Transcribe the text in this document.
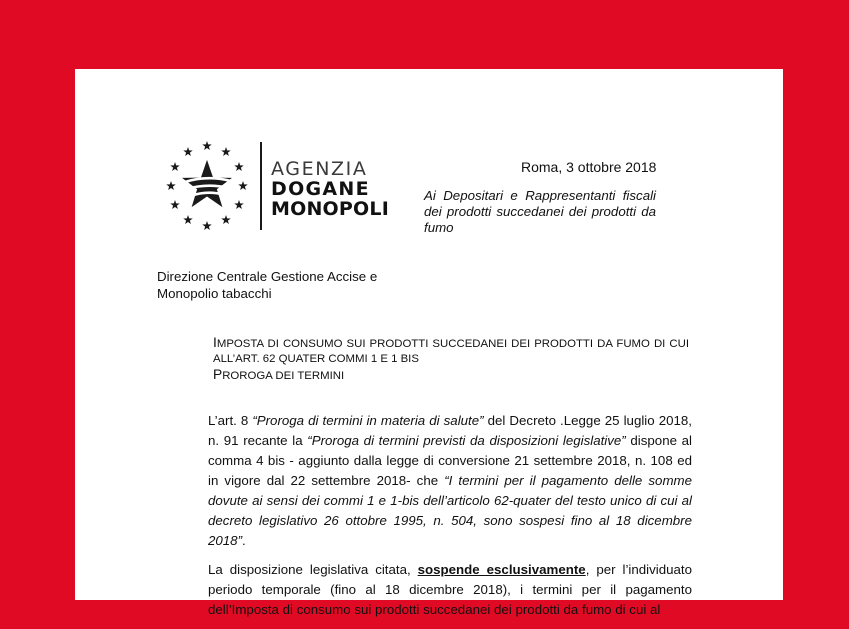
AGENZIA
DOGANE
MONOPOLI
Roma, 3 ottobre 2018
Ai Depositari e Rappresentanti fiscali dei prodotti succedanei dei prodotti da fumo
Direzione Centrale Gestione Accise e Monopolio tabacchi
IMPOSTA DI CONSUMO SUI PRODOTTI SUCCEDANEI DEI PRODOTTI DA FUMO DI CUI
ALL’ART. 62 QUATER COMMI 1 E 1 BIS
PROROGA DEI TERMINI

L’art. 8 “Proroga di termini in materia di salute” del Decreto .Legge 25 luglio 2018, n. 91 recante la “Proroga di termini previsti da disposizioni legislative” dispone al comma 4 bis - aggiunto dalla legge di conversione 21 settembre 2018, n. 108 ed in vigore dal 22 settembre 2018- che “I termini per il pagamento delle somme dovute ai sensi dei commi 1 e 1-bis dell’articolo 62-quater del testo unico di cui al decreto legislativo 26 ottobre 1995, n. 504, sono sospesi fino al 18 dicembre 2018”.

La disposizione legislativa citata, sospende esclusivamente, per l’individuato periodo temporale (fino al 18 dicembre 2018), i termini per il pagamento dell’Imposta di consumo sui prodotti succedanei dei prodotti da fumo di cui al
